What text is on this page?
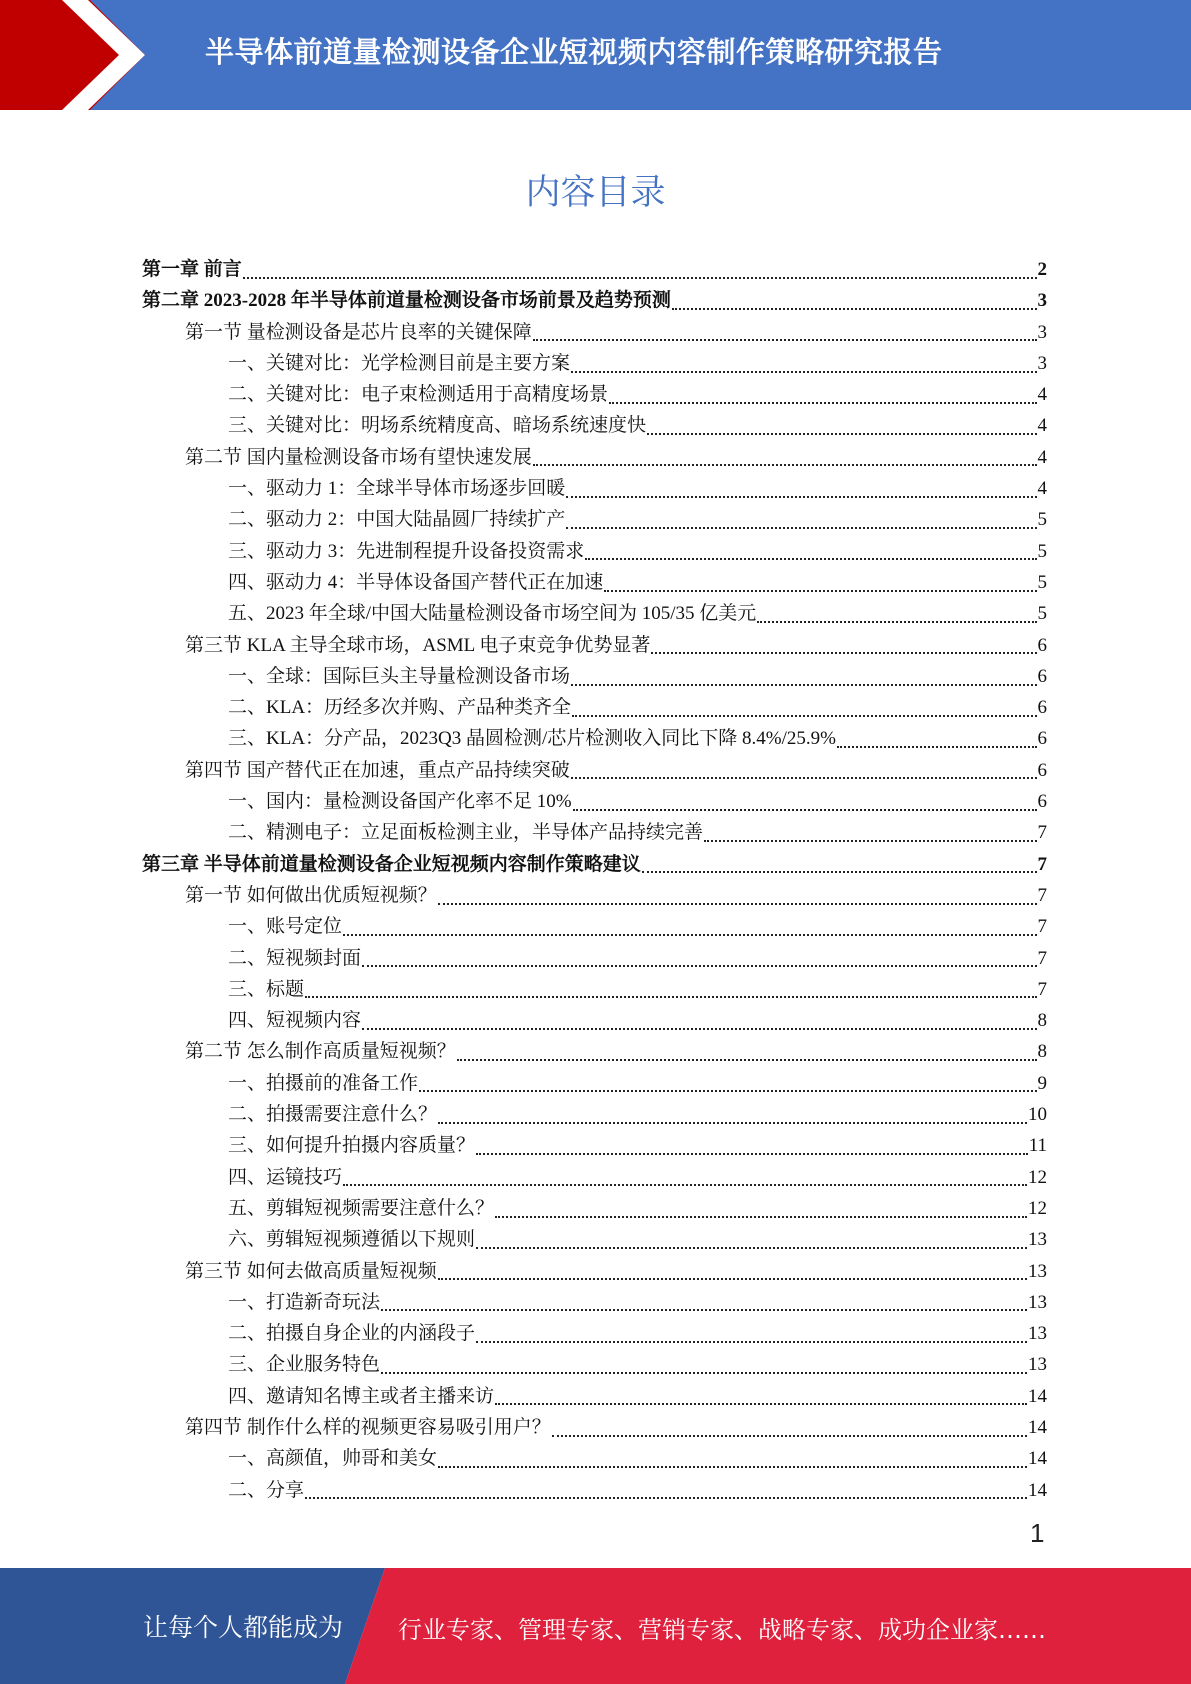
半导体前道量检测设备企业短视频内容制作策略研究报告
内容目录
第一章 前言	2
第二章 2023-2028 年半导体前道量检测设备市场前景及趋势预测	3
第一节 量检测设备是芯片良率的关键保障	3
一、关键对比：光学检测目前是主要方案	3
二、关键对比：电子束检测适用于高精度场景	4
三、关键对比：明场系统精度高、暗场系统速度快	4
第二节 国内量检测设备市场有望快速发展	4
一、驱动力 1：全球半导体市场逐步回暖	4
二、驱动力 2：中国大陆晶圆厂持续扩产	5
三、驱动力 3：先进制程提升设备投资需求	5
四、驱动力 4：半导体设备国产替代正在加速	5
五、2023 年全球/中国大陆量检测设备市场空间为 105/35 亿美元	5
第三节 KLA 主导全球市场，ASML 电子束竞争优势显著	6
一、全球：国际巨头主导量检测设备市场	6
二、KLA：历经多次并购、产品种类齐全	6
三、KLA：分产品，2023Q3 晶圆检测/芯片检测收入同比下降 8.4%/25.9%	6
第四节 国产替代正在加速，重点产品持续突破	6
一、国内：量检测设备国产化率不足 10%	6
二、精测电子：立足面板检测主业，半导体产品持续完善	7
第三章 半导体前道量检测设备企业短视频内容制作策略建议	7
第一节 如何做出优质短视频？	7
一、账号定位	7
二、短视频封面	7
三、标题	7
四、短视频内容	8
第二节 怎么制作高质量短视频？	8
一、拍摄前的准备工作	9
二、拍摄需要注意什么？	10
三、如何提升拍摄内容质量？	11
四、运镜技巧	12
五、剪辑短视频需要注意什么？	12
六、剪辑短视频遵循以下规则	13
第三节 如何去做高质量短视频	13
一、打造新奇玩法	13
二、拍摄自身企业的内涵段子	13
三、企业服务特色	13
四、邀请知名博主或者主播来访	14
第四节 制作什么样的视频更容易吸引用户？	14
一、高颜值，帅哥和美女	14
二、分享	14
1
让每个人都能成为 行业专家、管理专家、营销专家、战略专家、成功企业家……
